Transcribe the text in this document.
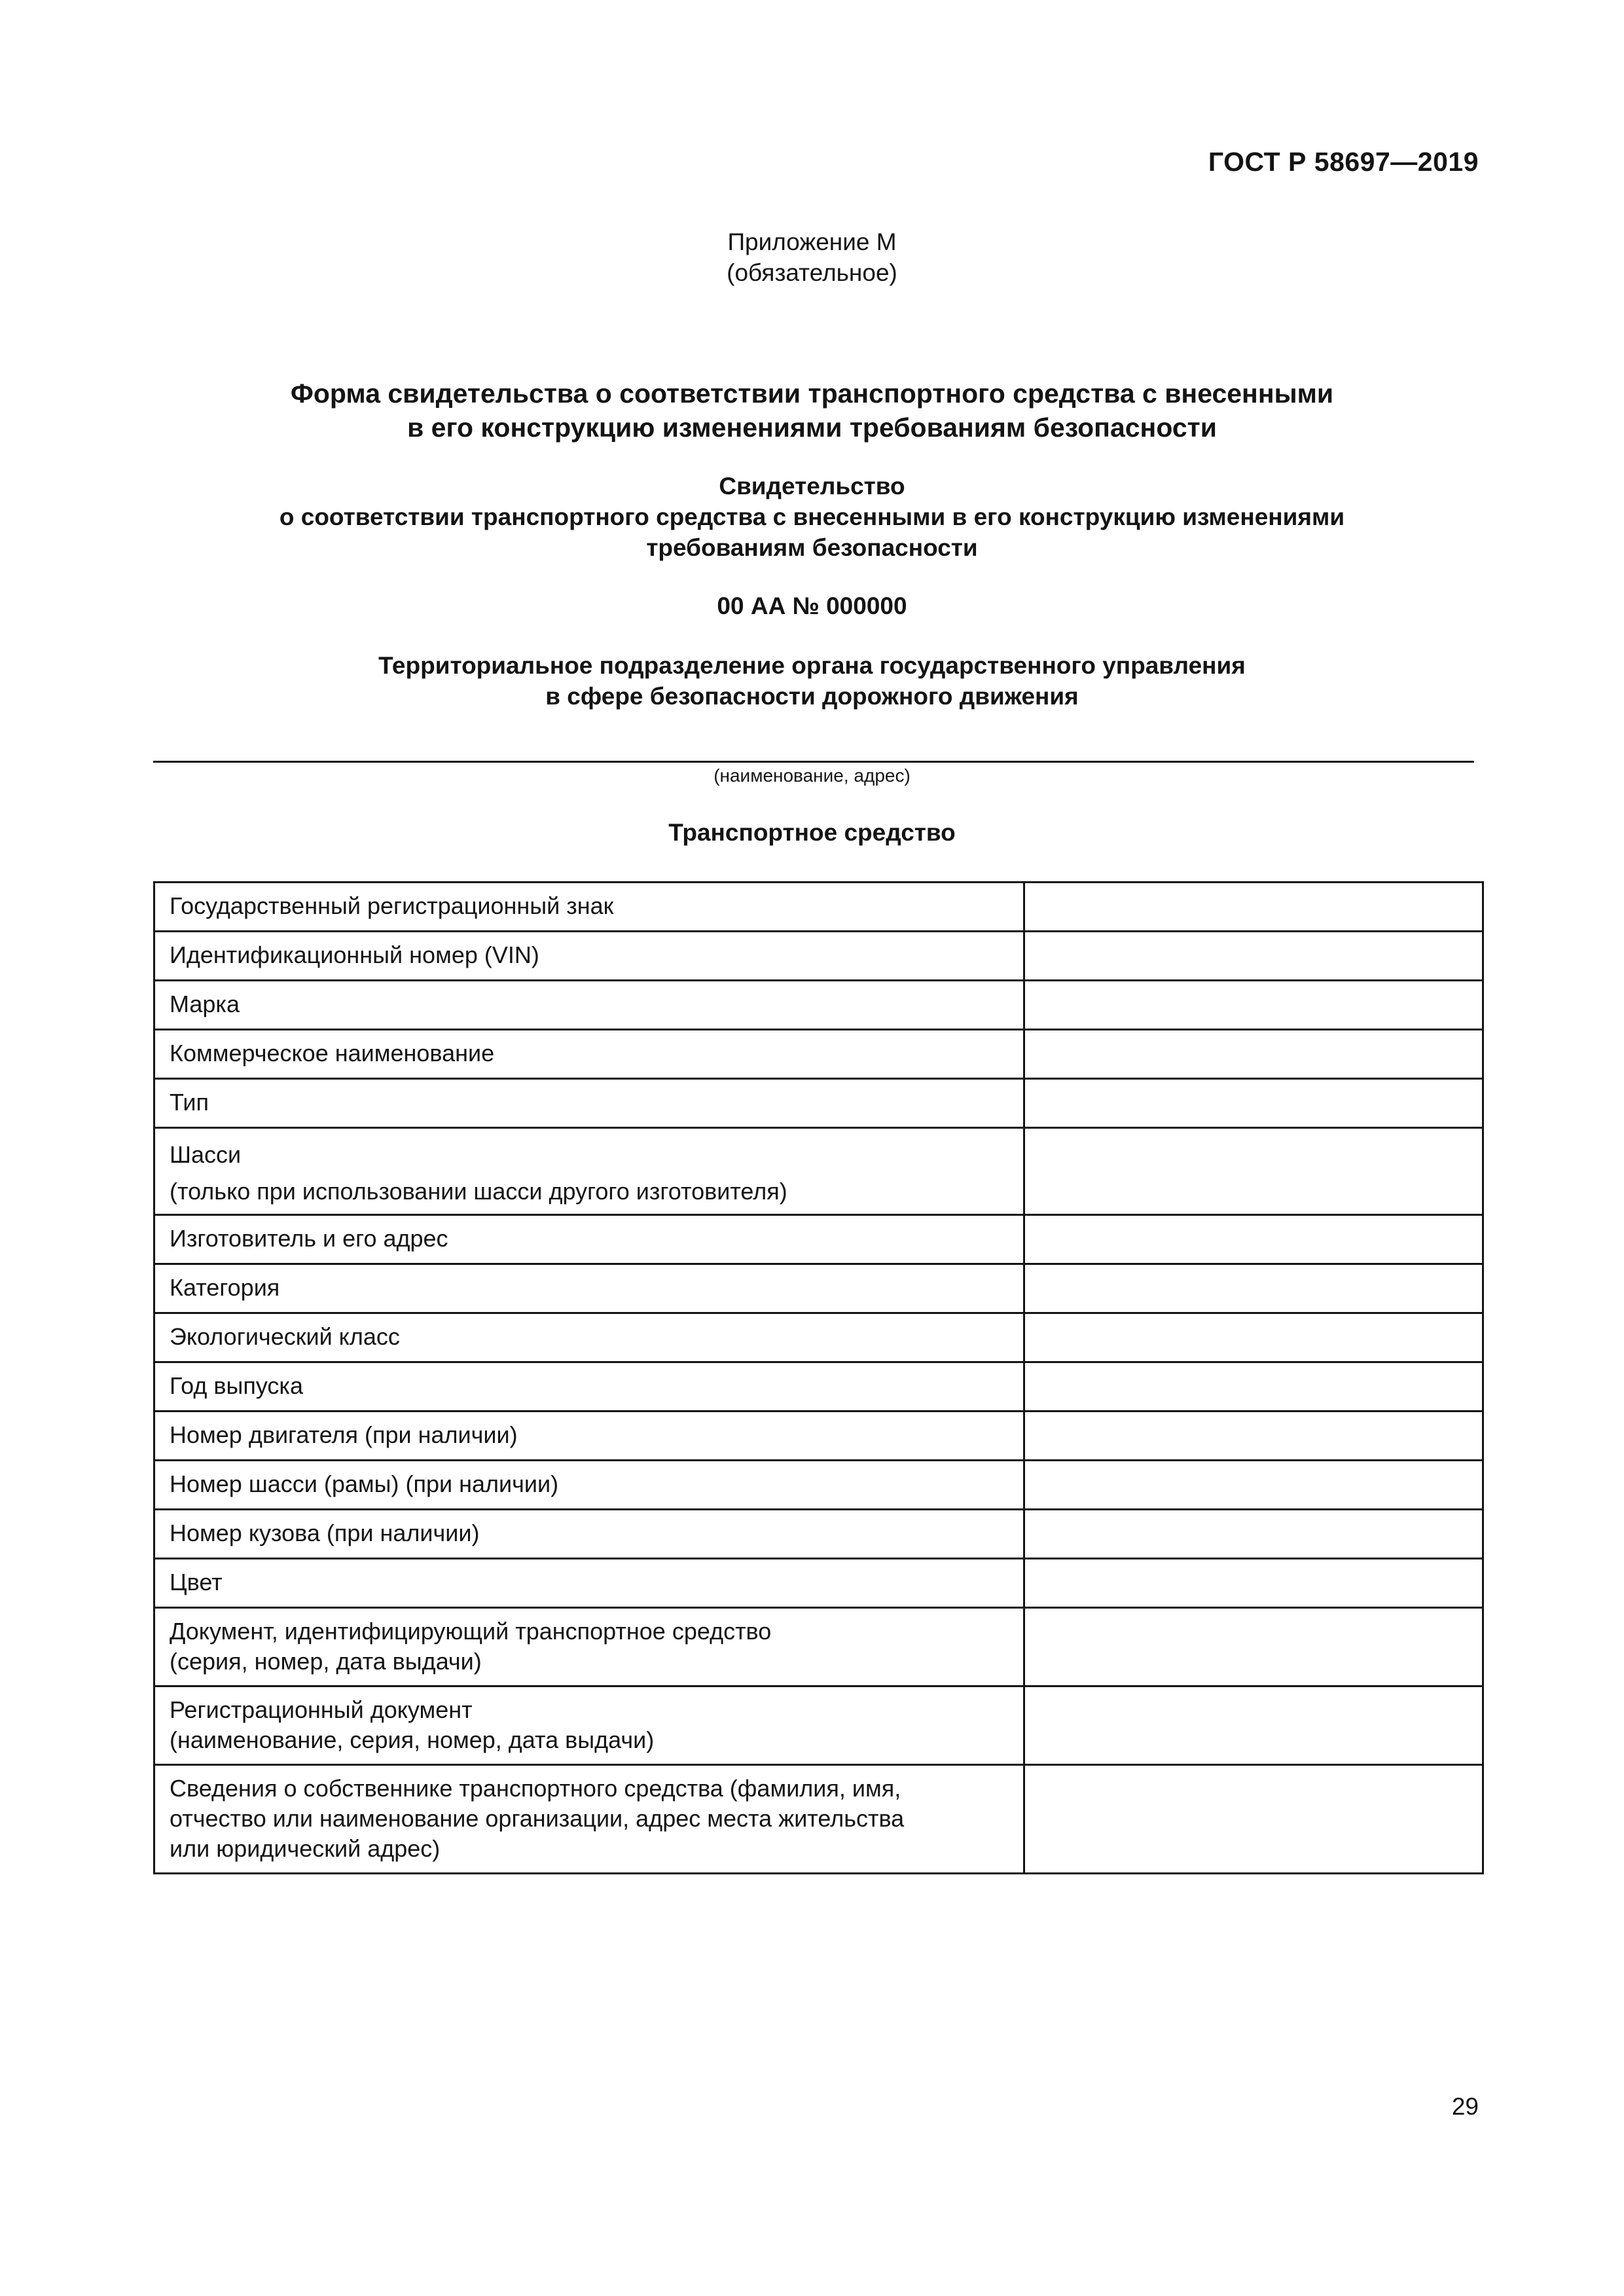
ГОСТ Р 58697—2019
Приложение М
(обязательное)
Форма свидетельства о соответствии транспортного средства с внесенными
в его конструкцию изменениями требованиям безопасности
Свидетельство
о соответствии транспортного средства с внесенными в его конструкцию изменениями
требованиям безопасности
00 АА № 000000
Территориальное подразделение органа государственного управления
в сфере безопасности дорожного движения
(наименование, адрес)
Транспортное средство
Государственный регистрационный знак	
Идентификационный номер (VIN)	
Марка	
Коммерческое наименование	
Тип	

Шасси
(только при использовании шасси другого изготовителя)	

Изготовитель и его адрес	
Категория	
Экологический класс	
Год выпуска	
Номер двигателя (при наличии)	
Номер шасси (рамы) (при наличии)	
Номер кузова (при наличии)	
Цвет	

Документ, идентифицирующий транспортное средство
(серия, номер, дата выдачи)	

Регистрационный документ
(наименование, серия, номер, дата выдачи)	

Сведения о собственнике транспортного средства (фамилия, имя,
отчество или наименование организации, адрес места жительства
или юридический адрес)	

29
